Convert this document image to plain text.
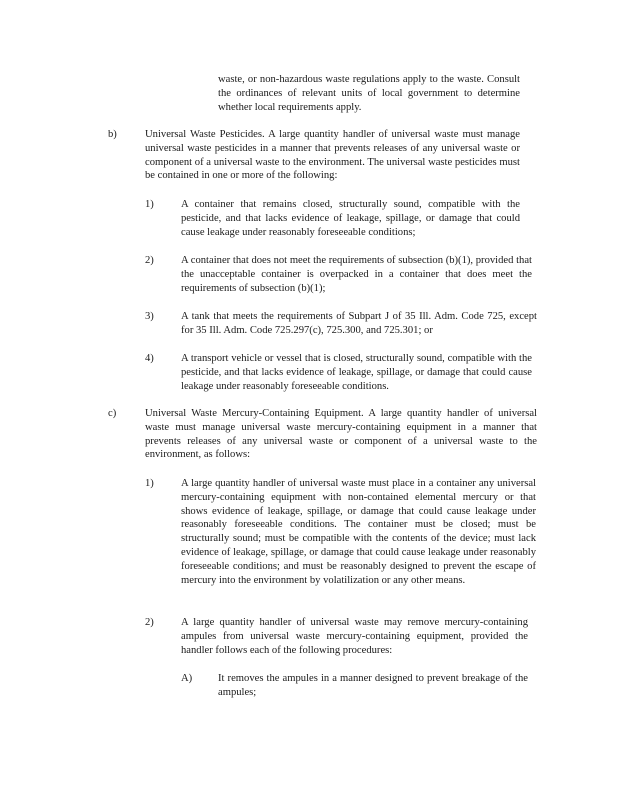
waste, or non-hazardous waste regulations apply to the waste. Consult the ordinances of relevant units of local government to determine whether local requirements apply.

b)	Universal Waste Pesticides. A large quantity handler of universal waste must manage universal waste pesticides in a manner that prevents releases of any universal waste or component of a universal waste to the environment. The universal waste pesticides must be contained in one or more of the following:

1)	A container that remains closed, structurally sound, compatible with the pesticide, and that lacks evidence of leakage, spillage, or damage that could cause leakage under reasonably foreseeable conditions;

2)	A container that does not meet the requirements of subsection (b)(1), provided that the unacceptable container is overpacked in a container that does meet the requirements of subsection (b)(1);

3)	A tank that meets the requirements of Subpart J of 35 Ill. Adm. Code 725, except for 35 Ill. Adm. Code 725.297(c), 725.300, and 725.301; or

4)	A transport vehicle or vessel that is closed, structurally sound, compatible with the pesticide, and that lacks evidence of leakage, spillage, or damage that could cause leakage under reasonably foreseeable conditions.

c)	Universal Waste Mercury-Containing Equipment. A large quantity handler of universal waste must manage universal waste mercury-containing equipment in a manner that prevents releases of any universal waste or component of a universal waste to the environment, as follows:

1)	A large quantity handler of universal waste must place in a container any universal mercury-containing equipment with non-contained elemental mercury or that shows evidence of leakage, spillage, or damage that could cause leakage under reasonably foreseeable conditions. The container must be closed; must be structurally sound; must be compatible with the contents of the device; must lack evidence of leakage, spillage, or damage that could cause leakage under reasonably foreseeable conditions; and must be reasonably designed to prevent the escape of mercury into the environment by volatilization or any other means.

2)	A large quantity handler of universal waste may remove mercury-containing ampules from universal waste mercury-containing equipment, provided the handler follows each of the following procedures:

A) It removes the ampules in a manner designed to prevent breakage of the ampules;
